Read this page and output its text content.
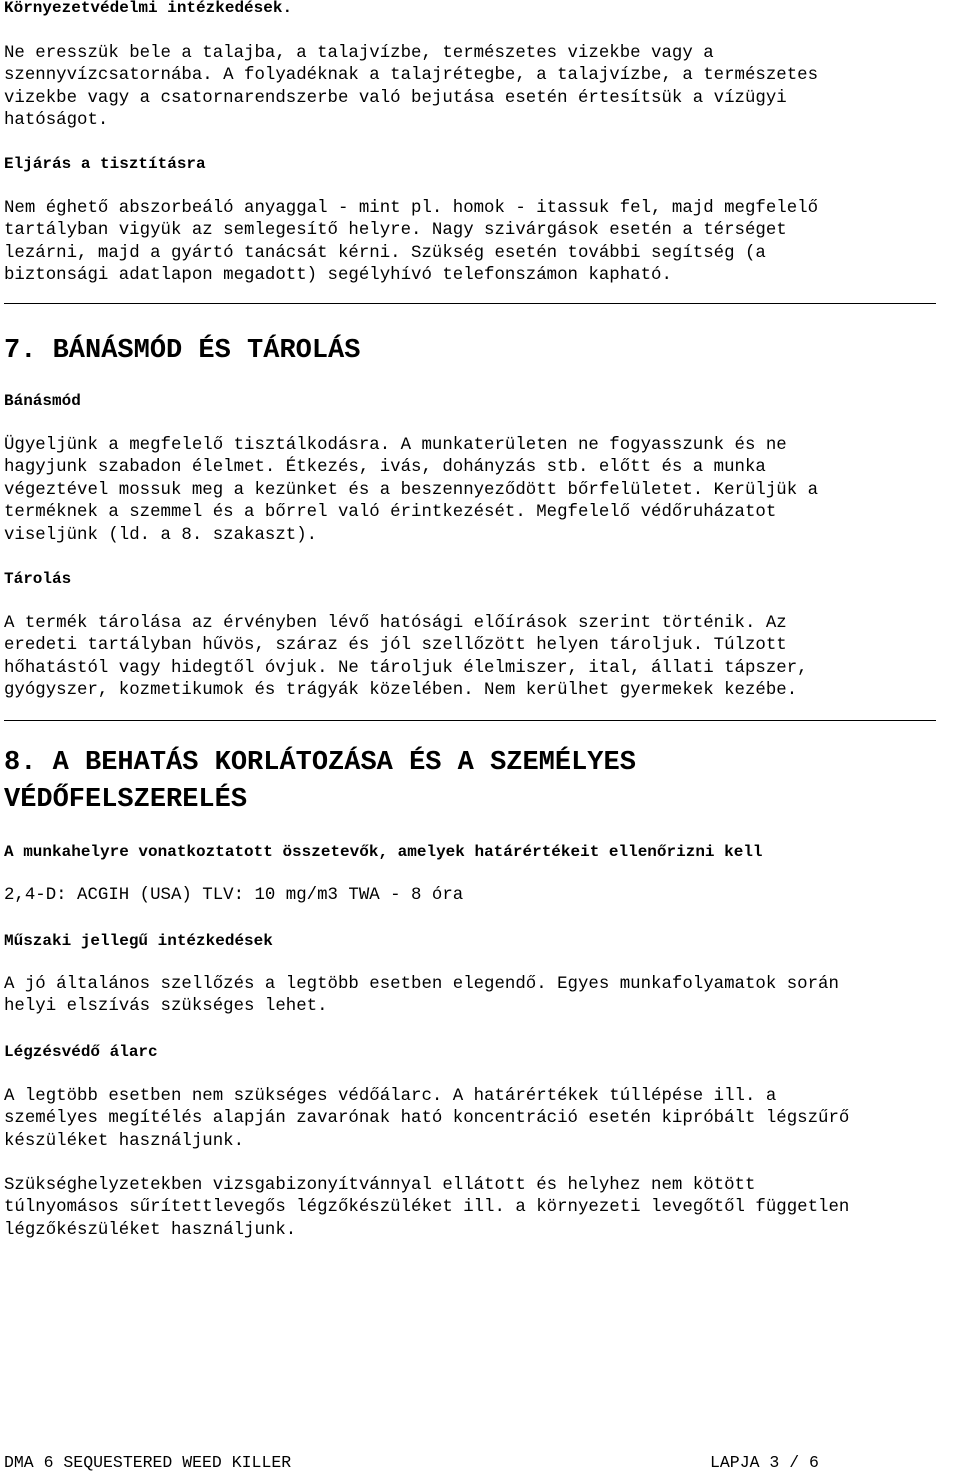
Környezetvédelmi intézkedések.
Ne eresszük bele a talajba, a talajvízbe, természetes vizekbe vagy a
szennyvízcsatornába. A folyadéknak a talajrétegbe, a talajvízbe, a természetes
vizekbe vagy a csatornarendszerbe való bejutása esetén értesítsük a vízügyi
hatóságot.
Eljárás a tisztításra
Nem éghető abszorbeáló anyaggal - mint pl. homok - itassuk fel, majd megfelelő
tartályban vigyük az semlegesítő helyre. Nagy szivárgások esetén a térséget
lezárni, majd a gyártó tanácsát kérni. Szükség esetén további segítség (a
biztonsági adatlapon megadott) segélyhívó telefonszámon kapható.
7. BÁNÁSMÓD ÉS TÁROLÁS
Bánásmód
Ügyeljünk a megfelelő tisztálkodásra. A munkaterületen ne fogyasszunk és ne
hagyjunk szabadon élelmet. Étkezés, ivás, dohányzás stb. előtt és a munka
végeztével mossuk meg a kezünket és a beszennyeződött bőrfelületet. Kerüljük a
terméknek a szemmel és a bőrrel való érintkezését. Megfelelő védőruházatot
viseljünk (ld. a 8. szakaszt).
Tárolás
A termék tárolása az érvényben lévő hatósági előírások szerint történik. Az
eredeti tartályban hűvös, száraz és jól szellőzött helyen tároljuk. Túlzott
hőhatástól vagy hidegtől óvjuk. Ne tároljuk élelmiszer, ital, állati tápszer,
gyógyszer, kozmetikumok és trágyák közelében. Nem kerülhet gyermekek kezébe.
8. A BEHATÁS KORLÁTOZÁSA ÉS A SZEMÉLYES
VÉDŐFELSZERELÉS
A munkahelyre vonatkoztatott összetevők, amelyek határértékeit ellenőrizni kell
2,4-D: ACGIH (USA) TLV: 10 mg/m3 TWA - 8 óra
Műszaki jellegű intézkedések
A jó általános szellőzés a legtöbb esetben elegendő. Egyes munkafolyamatok során
helyi elszívás szükséges lehet.
Légzésvédő álarc
A legtöbb esetben nem szükséges védőálarc. A határértékek túllépése ill. a
személyes megítélés alapján zavarónak ható koncentráció esetén kipróbált légszűrő
készüléket használjunk.
Szükséghelyzetekben vizsgabizonyítvánnyal ellátott és helyhez nem kötött
túlnyomásos sűrítettlevegős légzőkészüléket ill. a környezeti levegőtől független
légzőkészüléket használjunk.
DMA 6 SEQUESTERED WEED KILLER	LAPJA 3 / 6
